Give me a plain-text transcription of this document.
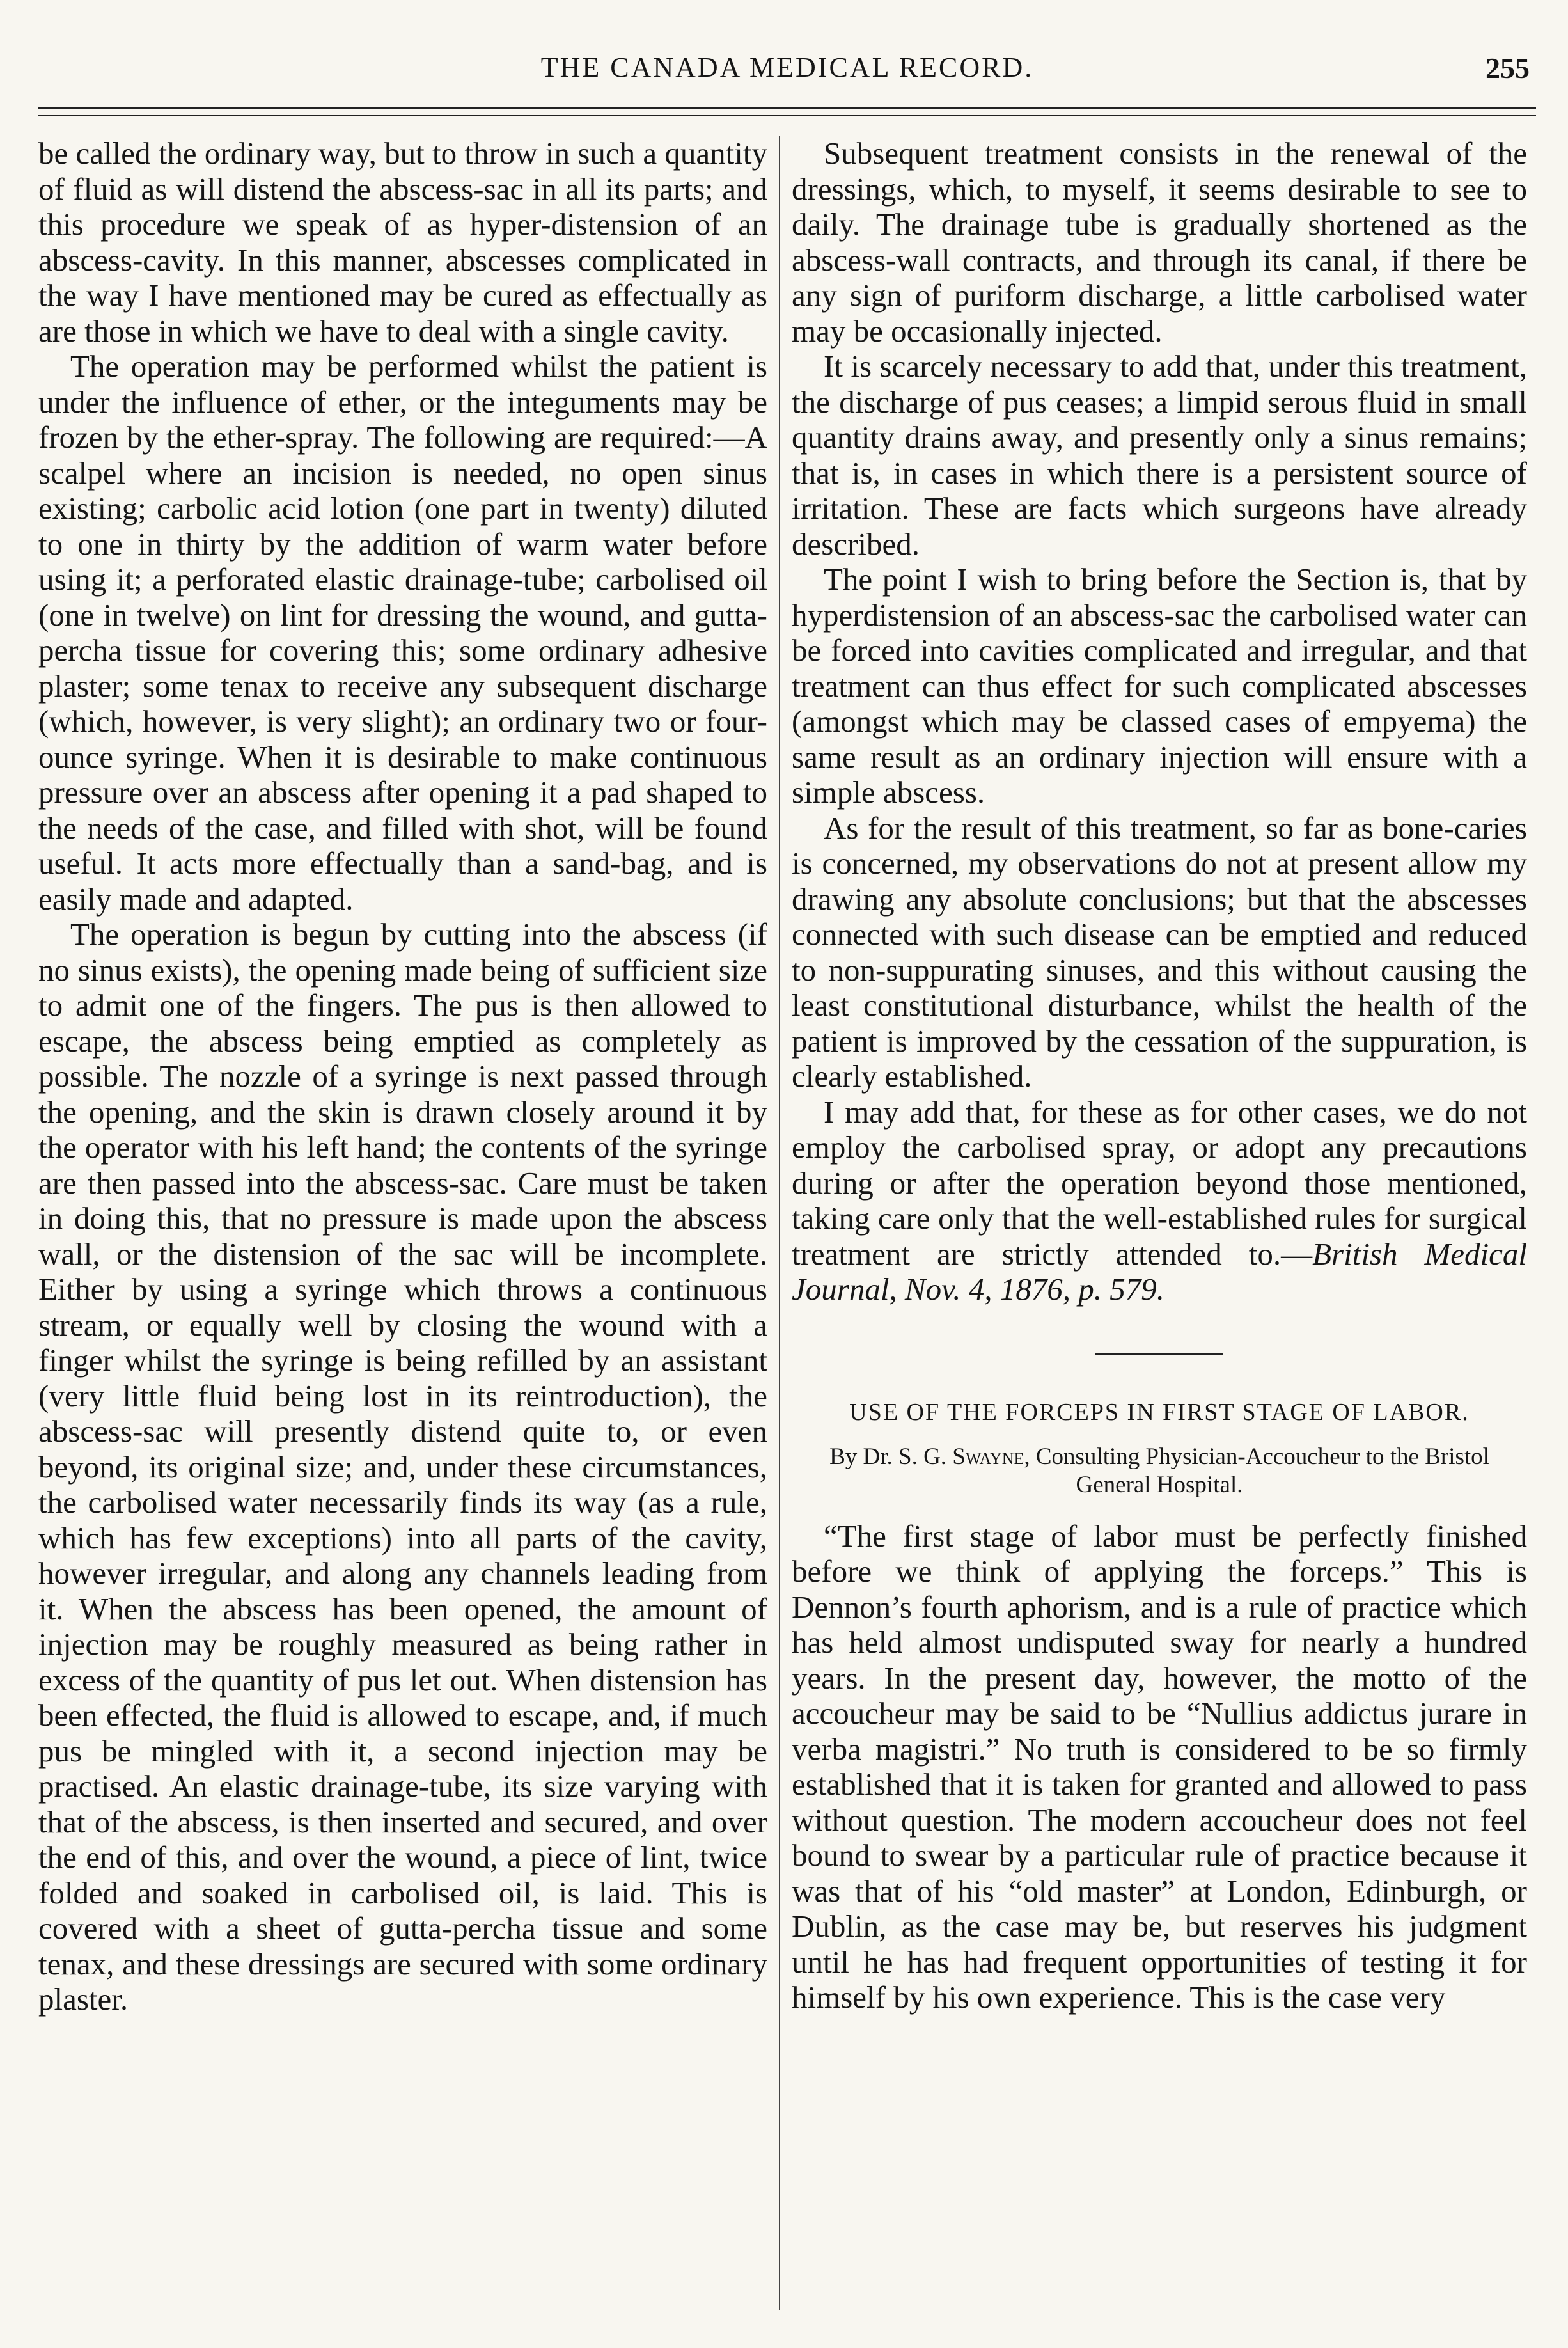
THE CANADA MEDICAL RECORD.	255

be called the ordinary way, but to throw in such a quantity of fluid as will distend the abscess-sac in all its parts; and this procedure we speak of as hyper-distension of an abscess-cavity. In this manner, abscesses complicated in the way I have mentioned may be cured as effectually as are those in which we have to deal with a single cavity.

The operation may be performed whilst the patient is under the influence of ether, or the integuments may be frozen by the ether-spray. The following are required:—A scalpel where an incision is needed, no open sinus existing; carbolic acid lotion (one part in twenty) diluted to one in thirty by the addition of warm water before using it; a perforated elastic drainage-tube; carbolised oil (one in twelve) on lint for dressing the wound, and gutta-percha tissue for covering this; some ordinary adhesive plaster; some tenax to receive any subsequent discharge (which, however, is very slight); an ordinary two or four-ounce syringe. When it is desirable to make continuous pressure over an abscess after opening it a pad shaped to the needs of the case, and filled with shot, will be found useful. It acts more effectually than a sand-bag, and is easily made and adapted.

The operation is begun by cutting into the abscess (if no sinus exists), the opening made being of sufficient size to admit one of the fingers. The pus is then allowed to escape, the abscess being emptied as completely as possible. The nozzle of a syringe is next passed through the opening, and the skin is drawn closely around it by the operator with his left hand; the contents of the syringe are then passed into the abscess-sac. Care must be taken in doing this, that no pressure is made upon the abscess wall, or the distension of the sac will be incomplete. Either by using a syringe which throws a continuous stream, or equally well by closing the wound with a finger whilst the syringe is being refilled by an assistant (very little fluid being lost in its reintroduction), the abscess-sac will presently distend quite to, or even beyond, its original size; and, under these circumstances, the carbolised water necessarily finds its way (as a rule, which has few exceptions) into all parts of the cavity, however irregular, and along any channels leading from it. When the abscess has been opened, the amount of injection may be roughly measured as being rather in excess of the quantity of pus let out. When distension has been effected, the fluid is allowed to escape, and, if much pus be mingled with it, a second injection may be practised. An elastic drainage-tube, its size varying with that of the abscess, is then inserted and secured, and over the end of this, and over the wound, a piece of lint, twice folded and soaked in carbolised oil, is laid. This is covered with a sheet of gutta-percha tissue and some tenax, and these dressings are secured with some ordinary plaster.

Subsequent treatment consists in the renewal of the dressings, which, to myself, it seems desirable to see to daily. The drainage tube is gradually shortened as the abscess-wall contracts, and through its canal, if there be any sign of puriform discharge, a little carbolised water may be occasionally injected.

It is scarcely necessary to add that, under this treatment, the discharge of pus ceases; a limpid serous fluid in small quantity drains away, and presently only a sinus remains; that is, in cases in which there is a persistent source of irritation. These are facts which surgeons have already described.

The point I wish to bring before the Section is, that by hyperdistension of an abscess-sac the carbolised water can be forced into cavities complicated and irregular, and that treatment can thus effect for such complicated abscesses (amongst which may be classed cases of empyema) the same result as an ordinary injection will ensure with a simple abscess.

As for the result of this treatment, so far as bone-caries is concerned, my observations do not at present allow my drawing any absolute conclusions; but that the abscesses connected with such disease can be emptied and reduced to non-suppurating sinuses, and this without causing the least constitutional disturbance, whilst the health of the patient is improved by the cessation of the suppuration, is clearly established.

I may add that, for these as for other cases, we do not employ the carbolised spray, or adopt any precautions during or after the operation beyond those mentioned, taking care only that the well-established rules for surgical treatment are strictly attended to.—British Medical Journal, Nov. 4, 1876, p. 579.

USE OF THE FORCEPS IN FIRST STAGE OF LABOR.
By Dr. S. G. Swayne, Consulting Physician-Accoucheur to the Bristol General Hospital.

“The first stage of labor must be perfectly finished before we think of applying the forceps.” This is Dennon’s fourth aphorism, and is a rule of practice which has held almost undisputed sway for nearly a hundred years. In the present day, however, the motto of the accoucheur may be said to be “Nullius addictus jurare in verba magistri.” No truth is considered to be so firmly established that it is taken for granted and allowed to pass without question. The modern accoucheur does not feel bound to swear by a particular rule of practice because it was that of his “old master” at London, Edinburgh, or Dublin, as the case may be, but reserves his judgment until he has had frequent opportunities of testing it for himself by his own experience. This is the case very
